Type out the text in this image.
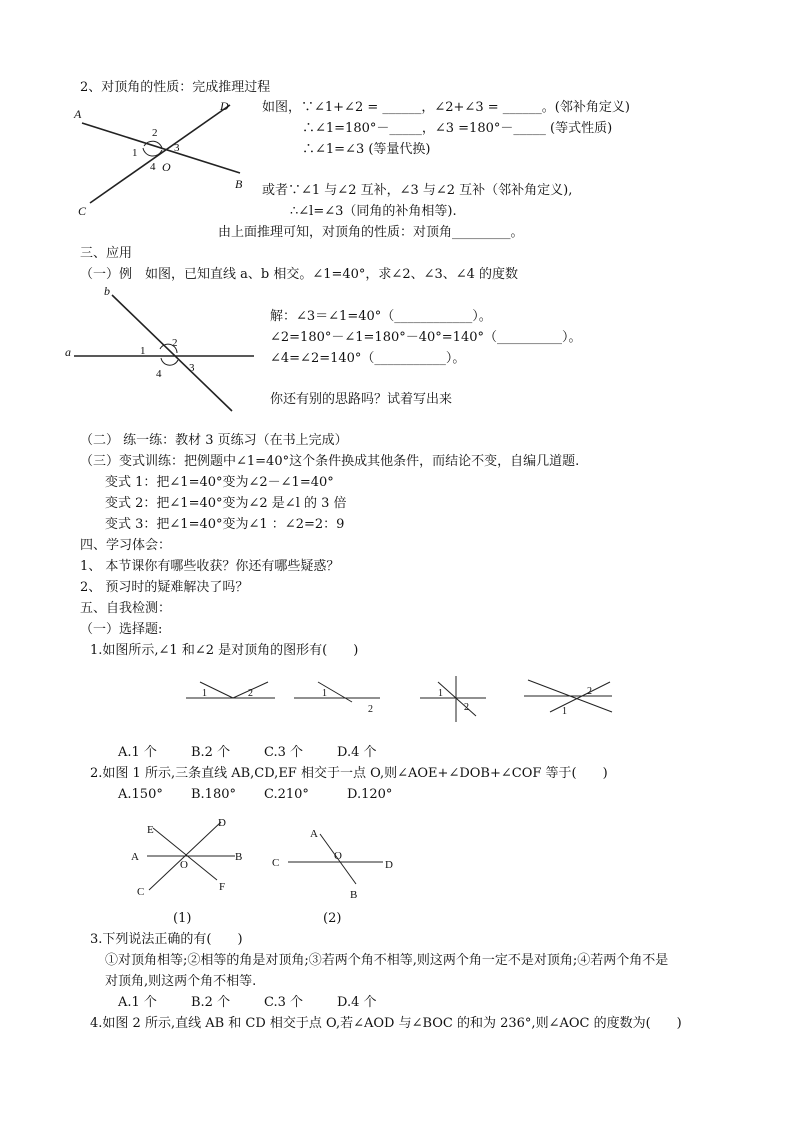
2、对顶角的性质：完成推理过程
A
D
B
C
O
2
1	3
4
如图，∵∠1+∠2 = ______，∠2+∠3 = ______。(邻补角定义)
∴∠1=180°－_____，∠3 =180°－_____ (等式性质)
∴∠1=∠3 (等量代换)
或者∵∠1 与∠2 互补，∠3 与∠2 互补（邻补角定义),
∴∠l=∠3（同角的补角相等).
由上面推理可知，对顶角的性质：对顶角_________。
三、应用
（一）例　如图，已知直线 a、b 相交。∠1=40°，求∠2、∠3、∠4 的度数
a
b
1
2
3
4
解：∠3＝∠1=40°（____________）。
∠2=180°－∠1=180°－40°=140°（__________）。
∠4=∠2=140°（___________）。
你还有别的思路吗？试着写出来
（二） 练一练：教材 3 页练习（在书上完成）
（三）变式训练：把例题中∠1=40°这个条件换成其他条件，而结论不变，自编几道题.
变式 1：把∠1=40°变为∠2－∠1=40°
变式 2：把∠1=40°变为∠2 是∠l 的 3 倍
变式 3：把∠1=40°变为∠1 ：∠2=2：9
四、学习体会：
1、 本节课你有哪些收获？你还有哪些疑惑？
2、 预习时的疑难解决了吗？
五、自我检测：
（一）选择题:
1.如图所示,∠1 和∠2 是对顶角的图形有(　　)
1	2	1
2
1
2
2
1
A.1 个	B.2 个	C.3 个	D.4 个
2.如图 1 所示,三条直线 AB,CD,EF 相交于一点 O,则∠AOE+∠DOB+∠COF 等于(　　)
A.150° B.180° C.210°	D.120°
E
D
A	B
O
C	F
A
C
O
D
B
(1)	(2)
3.下列说法正确的有(　　)
①对顶角相等;②相等的角是对顶角;③若两个角不相等,则这两个角一定不是对顶角;④若两个角不是
对顶角,则这两个角不相等.
A.1 个	B.2 个	C.3 个	D.4 个
4.如图 2 所示,直线 AB 和 CD 相交于点 O,若∠AOD 与∠BOC 的和为 236°,则∠AOC 的度数为(　　)
